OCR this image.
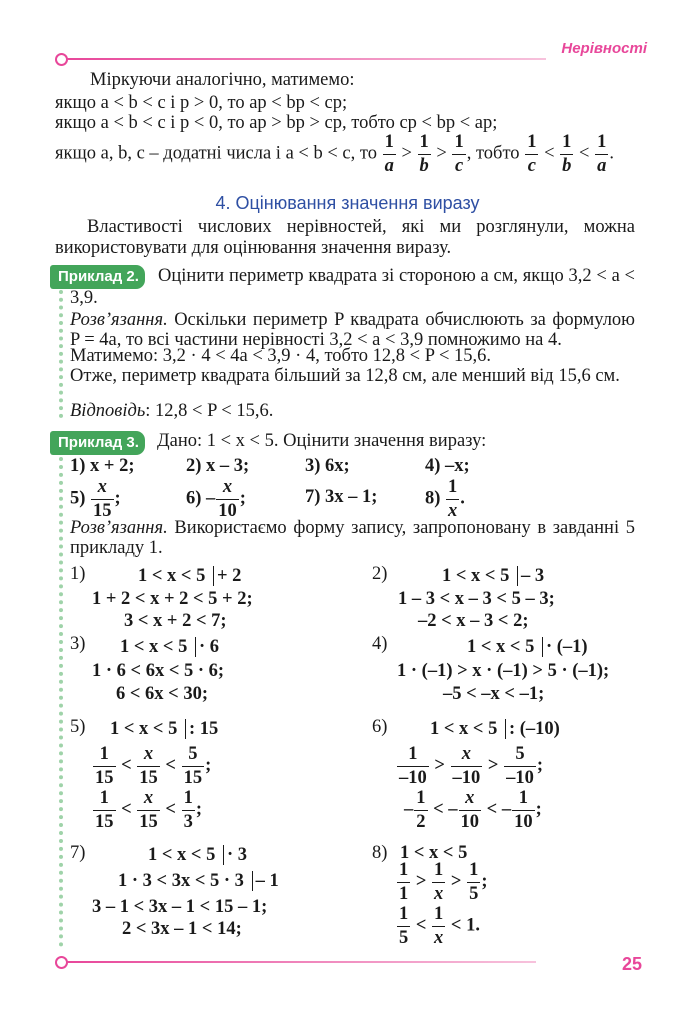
Нерівності
Міркуючи аналогічно, матимемо:
якщо a < b < c і p > 0, то ap < bp < cp;
якщо a < b < c і p < 0, то ap > bp > cp, тобто cp < bp < ap;
якщо a, b, c – додатні числа і a < b < c, то $\frac{1}{a} > \frac{1}{b} > \frac{1}{c}$ , тобто $\frac{1}{c} < \frac{1}{b} < \frac{1}{a}$ .
4. Оцінювання значення виразу
Властивості числових нерівностей, які ми розглянули, можна використовувати для оцінювання значення виразу.
Приклад 2.	Оцінити периметр квадрата зі стороною a см, якщо 3,2 < a < 3,9.
Розв’язання. Оскільки периметр P квадрата обчислюють за формулою P = 4a, то всі частини нерівності 3,2 < a < 3,9 помножимо на 4.
Матимемо: 3,2 · 4 < 4a < 3,9 · 4, тобто 12,8 < P < 15,6.
Отже, периметр квадрата більший за 12,8 см, але менший від 15,6 см.
Відповідь: 12,8 < P < 15,6.
Приклад 3. Дано: 1 < x < 5. Оцінити значення виразу:
1) x + 2;	2) x – 3;	3) 6x;	4) –x;
$5) \frac{x}{15}$ ;	$6) - \frac{x}{10}$ ;	7) 3x – 1;	$8) \frac{1}{x}$ .
Розв’язання. Використаємо форму запису, запропоновану в завданні 5 прикладу 1.
1)	1 < x < 5 + 2
1 + 2 < x + 2 < 5 + 2;
3 < x + 2 < 7;
2)	1 < x < 5 – 3
1 – 3 < x – 3 < 5 – 3;
–2 < x – 3 < 2;
3) 1 < x < 5 · 6
1 · 6 < 6x < 5 · 6;
6 < 6x < 30;
4)	1 < x < 5 · (–1)
1 · (–1) > x · (–1) > 5 · (–1);
–5 < –x < –1;
5) 1 < x < 5 : 15
$\frac{1}{15} < \frac{x}{15} < \frac{5}{15}$ ;
$\frac{1}{15} < \frac{x}{15} < \frac{1}{3}$ ;
6) 1 < x < 5 : (–10)
$\frac{1}{-10} > \frac{x}{-10} > \frac{5}{-10}$ ;
– $\frac{1}{2}$ < – $\frac{x}{10}$ < – $\frac{1}{10}$ ;
7)	1 < x < 5 · 3
1 · 3 < 3x < 5 · 3 – 1
3 – 1 < 3x – 1 < 15 – 1;
2 < 3x – 1 < 14;
8) 1 < x < 5
$\frac{1}{1} > \frac{1}{x} > \frac{1}{5}$ ;
$\frac{1}{5} < \frac{1}{x} < 1$.
25
